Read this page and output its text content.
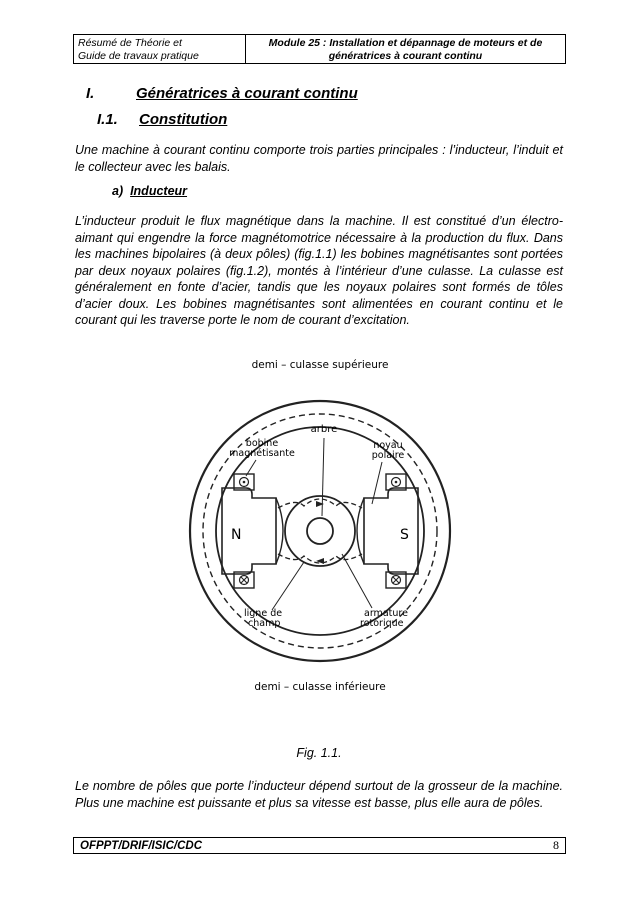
Résumé de Théorie et
Guide de travaux pratique
Module 25 : Installation et dépannage de moteurs et de
génératrices à courant continu
I.	Génératrices à courant continu
I.1. Constitution
Une machine à courant continu comporte trois parties principales : l’inducteur, l’induit et le collecteur avec les balais.
a) Inducteur
L’inducteur produit le flux magnétique dans la machine. Il est constitué d’un électro-aimant qui engendre la force magnétomotrice nécessaire à la production du flux. Dans les machines bipolaires (à deux pôles) (fig.1.1) les bobines magnétisantes sont portées par deux noyaux polaires (fig.1.2), montés à l’intérieur d’une culasse. La culasse est généralement en fonte d’acier, tandis que les noyaux polaires sont formés de tôles d’acier doux. Les bobines magnétisantes sont alimentées en courant continu et le courant qui les traverse porte le nom de courant d’excitation.
demi – culasse supérieure
demi – culasse inférieure
N	S
arbre
bobine
magnétisante
noyau
polaire
ligne de
champ
armature
rotorique
Fig. 1.1.
Le nombre de pôles que porte l’inducteur dépend surtout de la grosseur de la machine. Plus une machine est puissante et plus sa vitesse est basse, plus elle aura de pôles.
OFPPT/DRIF/ISIC/CDC	8
